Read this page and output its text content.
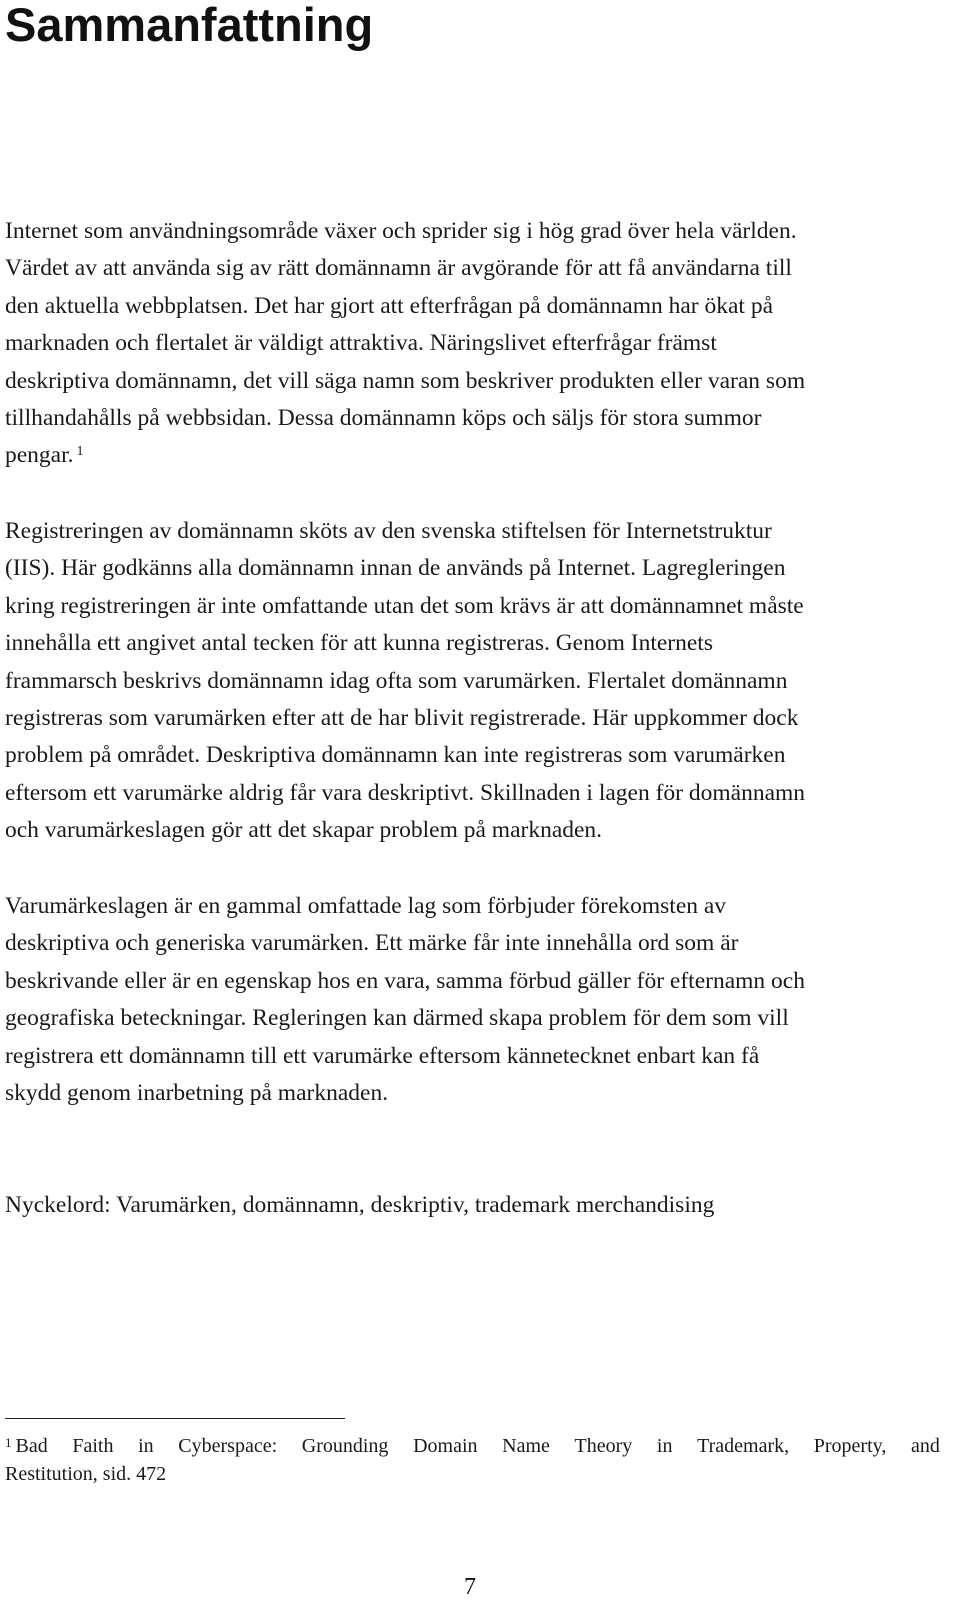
Sammanfattning
Internet som användningsområde växer och sprider sig i hög grad över hela världen.
Värdet av att använda sig av rätt domännamn är avgörande för att få användarna till
den aktuella webbplatsen. Det har gjort att efterfrågan på domännamn har ökat på
marknaden och flertalet är väldigt attraktiva. Näringslivet efterfrågar främst
deskriptiva domännamn, det vill säga namn som beskriver produkten eller varan som
tillhandahålls på webbsidan. Dessa domännamn köps och säljs för stora summor
pengar. $^1$
Registreringen av domännamn sköts av den svenska stiftelsen för Internetstruktur
(IIS). Här godkänns alla domännamn innan de används på Internet. Lagregleringen
kring registreringen är inte omfattande utan det som krävs är att domännamnet måste
innehålla ett angivet antal tecken för att kunna registreras. Genom Internets
frammarsch beskrivs domännamn idag ofta som varumärken. Flertalet domännamn
registreras som varumärken efter att de har blivit registrerade. Här uppkommer dock
problem på området. Deskriptiva domännamn kan inte registreras som varumärken
eftersom ett varumärke aldrig får vara deskriptivt. Skillnaden i lagen för domännamn
och varumärkeslagen gör att det skapar problem på marknaden.
Varumärkeslagen är en gammal omfattade lag som förbjuder förekomsten av
deskriptiva och generiska varumärken. Ett märke får inte innehålla ord som är
beskrivande eller är en egenskap hos en vara, samma förbud gäller för efternamn och
geografiska beteckningar. Regleringen kan därmed skapa problem för dem som vill
registrera ett domännamn till ett varumärke eftersom kännetecknet enbart kan få
skydd genom inarbetning på marknaden.
Nyckelord: Varumärken, domännamn, deskriptiv, trademark merchandising
$^1$ Bad Faith in Cyberspace: Grounding Domain Name Theory in Trademark, Property, and
Restitution, sid. 472
7
